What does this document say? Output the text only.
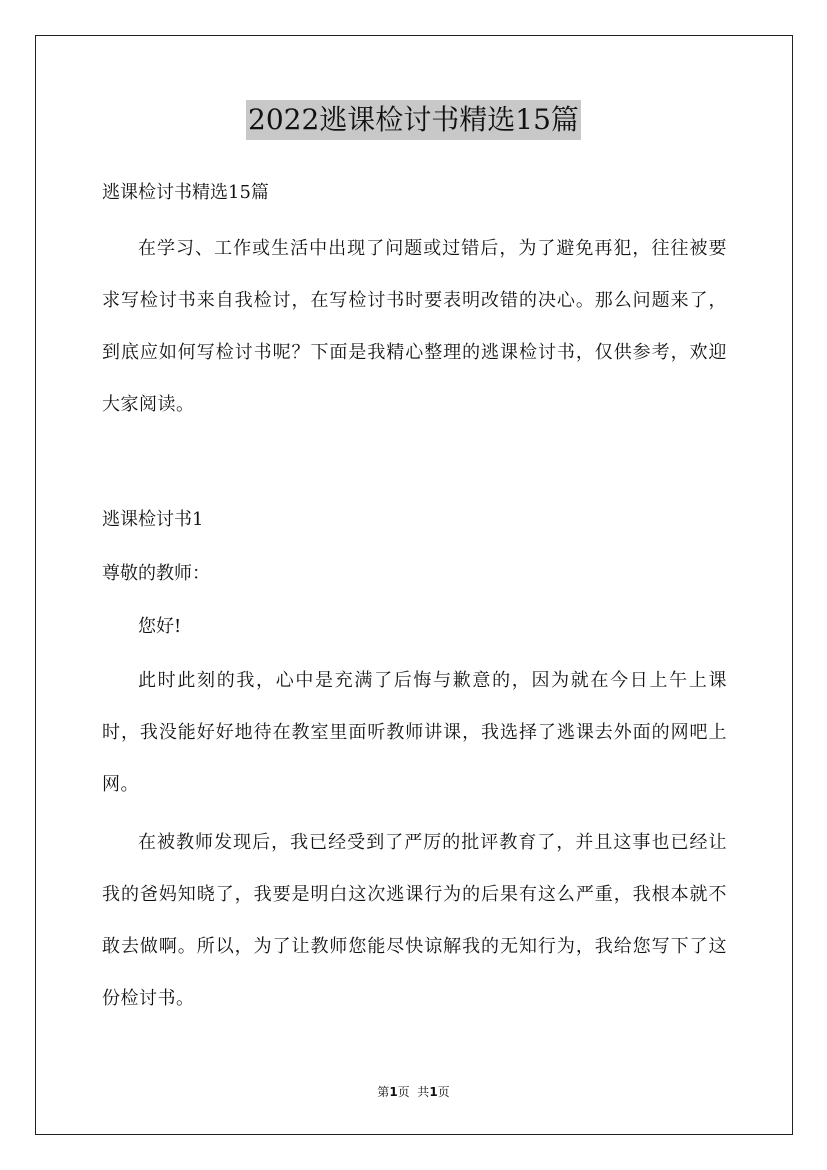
2022逃课检讨书精选15篇
逃课检讨书精选15篇
在学习、工作或生活中出现了问题或过错后，为了避免再犯，往往被要求写检讨书来自我检讨，在写检讨书时要表明改错的决心。那么问题来了，到底应如何写检讨书呢？下面是我精心整理的逃课检讨书，仅供参考，欢迎大家阅读。
逃课检讨书1
尊敬的教师：
您好!
此时此刻的我，心中是充满了后悔与歉意的，因为就在今日上午上课时，我没能好好地待在教室里面听教师讲课，我选择了逃课去外面的网吧上网。
在被教师发现后，我已经受到了严厉的批评教育了，并且这事也已经让我的爸妈知晓了，我要是明白这次逃课行为的后果有这么严重，我根本就不敢去做啊。所以，为了让教师您能尽快谅解我的无知行为，我给您写下了这份检讨书。
第1页  共1页
